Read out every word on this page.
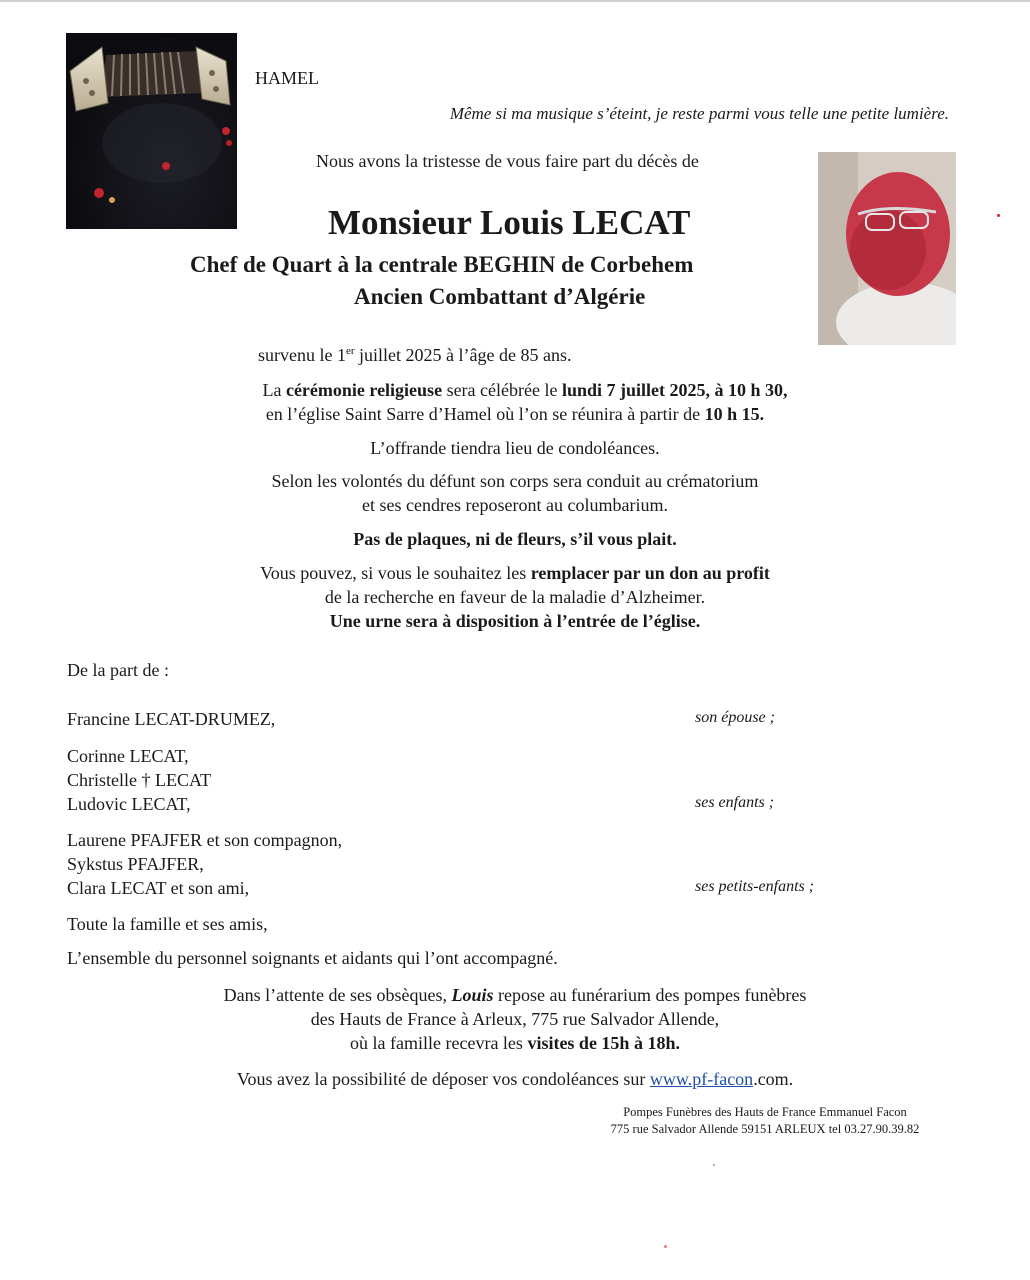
HAMEL
Même si ma musique s’éteint, je reste parmi vous telle une petite lumière.
Nous avons la tristesse de vous faire part du décès de
Monsieur Louis LECAT
Chef de Quart à la centrale BEGHIN de Corbehem
Ancien Combattant d’Algérie
survenu le 1er juillet 2025 à l’âge de 85 ans.
La cérémonie religieuse sera célébrée le lundi 7 juillet 2025, à 10 h 30,
en l’église Saint Sarre d’Hamel où l’on se réunira à partir de 10 h 15.
L’offrande tiendra lieu de condoléances.
Selon les volontés du défunt son corps sera conduit au crématorium
et ses cendres reposeront au columbarium.
Pas de plaques, ni de fleurs, s’il vous plait.
Vous pouvez, si vous le souhaitez les remplacer par un don au profit
de la recherche en faveur de la maladie d’Alzheimer.
Une urne sera à disposition à l’entrée de l’église.
De la part de :
Francine LECAT-DRUMEZ,	son épouse ;
Corinne LECAT,
Christelle † LECAT
Ludovic LECAT,	ses enfants ;
Laurene PFAJFER et son compagnon,
Sykstus PFAJFER,
Clara LECAT et son ami,	ses petits-enfants ;
Toute la famille et ses amis,
L’ensemble du personnel soignants et aidants qui l’ont accompagné.
Dans l’attente de ses obsèques, Louis repose au funérarium des pompes funèbres
des Hauts de France à Arleux, 775 rue Salvador Allende,
où la famille recevra les visites de 15h à 18h.
Vous avez la possibilité de déposer vos condoléances sur www.pf-facon.com.
Pompes Funèbres des Hauts de France Emmanuel Facon
775 rue Salvador Allende 59151 ARLEUX tel 03.27.90.39.82
